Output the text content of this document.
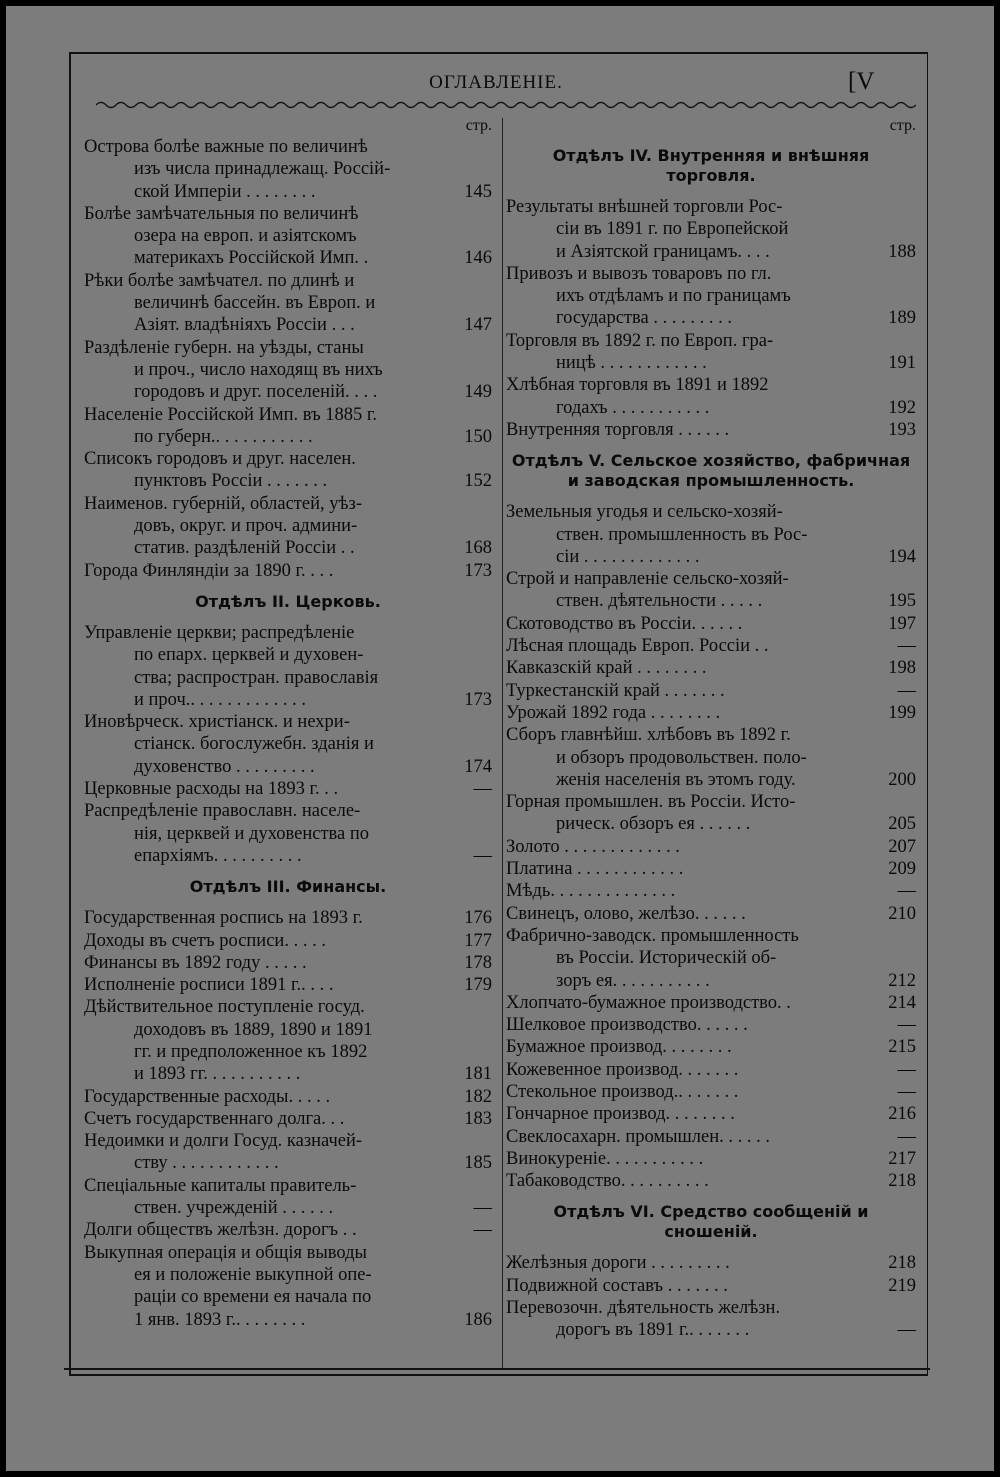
ОГЛАВЛЕНІЕ.	[V
стр.
Острова болѣе важные по величинѣ
изъ числа принадлежащ. Россій-
ской Имперіи . . . . . . . .	145
Болѣе замѣчательныя по величинѣ
озера на европ. и азіятскомъ
материкахъ Россійской Имп. .	146
Рѣки болѣе замѣчател. по длинѣ и
величинѣ бассейн. въ Европ. и
Азіят. владѣніяхъ Россіи . . .	147
Раздѣленіе губерн. на уѣзды, станы
и проч., число находящ въ нихъ
городовъ и друг. поселеній. . . .	149
Населеніе Россійской Имп. въ 1885 г.
по губерн.. . . . . . . . . . .	150
Списокъ городовъ и друг. населен.
пунктовъ Россіи . . . . . . .	152
Наименов. губерній, областей, уѣз-
довъ, округ. и проч. админи-
статив. раздѣленій Россіи . .	168
Города Финляндіи за 1890 г. . . .	173
Отдѣлъ II. Церковь.
Управленіе церкви; распредѣленіе
по епарх. церквей и духовен-
ства; распростран. православія
и проч.. . . . . . . . . . . . .	173
Иновѣрческ. христіанск. и нехри-
стіанск. богослужебн. зданія и
духовенство . . . . . . . . .	174
Церковные расходы на 1893 г. . .	—
Распредѣленіе православн. населе-
нія, церквей и духовенства по
епархіямъ. . . . . . . . . .	—
Отдѣлъ III. Финансы.
Государственная роспись на 1893 г.	176
Доходы въ счетъ росписи. . . . .	177
Финансы въ 1892 году . . . . .	178
Исполненіе росписи 1891 г.. . . .	179
Дѣйствительное поступленіе госуд.
доходовъ въ 1889, 1890 и 1891
гг. и предположенное къ 1892
и 1893 гг. . . . . . . . . . .	181
Государственные расходы. . . . .	182
Счетъ государственнаго долга. . .	183
Недоимки и долги Госуд. казначей-
ству . . . . . . . . . . . .	185
Спеціальные капиталы правитель-
ствен. учрежденій . . . . . .	—
Долги обществъ желѣзн. дорогъ . .	—
Выкупная операція и общія выводы
ея и положеніе выкупной опе-
раціи со времени ея начала по
1 янв. 1893 г.. . . . . . . .	186
стр.
Отдѣлъ IV. Внутренняя и внѣшняя торговля.
Результаты внѣшней торговли Рос-
сіи въ 1891 г. по Европейской
и Азіятской границамъ. . . .	188
Привозъ и вывозъ товаровъ по гл.
ихъ отдѣламъ и по границамъ
государства . . . . . . . . .	189
Торговля въ 1892 г. по Европ. гра-
ницѣ . . . . . . . . . . . .	191
Хлѣбная торговля въ 1891 и 1892
годахъ . . . . . . . . . . .	192
Внутренняя торговля . . . . . .	193
Отдѣлъ V. Сельское хозяйство, фабричная и заводская промышленность.
Земельныя угодья и сельско-хозяй-
ствен. промышленность въ Рос-
сіи . . . . . . . . . . . . .	194
Строй и направленіе сельско-хозяй-
ствен. дѣятельности . . . . .	195
Скотоводство въ Россіи. . . . . .	197
Лѣсная площадь Европ. Россіи . .	—
Кавказскій край . . . . . . . .	198
Туркестанскій край . . . . . . .	—
Урожай 1892 года . . . . . . . .	199
Сборъ главнѣйш. хлѣбовъ въ 1892 г.
и обзоръ продовольствен. поло-
женія населенія въ этомъ году.	200
Горная промышлен. въ Россіи. Исто-
рическ. обзоръ ея . . . . . .	205
Золото . . . . . . . . . . . . .	207
Платина . . . . . . . . . . . .	209
Мѣдь. . . . . . . . . . . . . .	—
Свинецъ, олово, желѣзо. . . . . .	210
Фабрично-заводск. промышленность
въ Россіи. Историческій об-
зоръ ея. . . . . . . . . . .	212
Хлопчато-бумажное производство. .	214
Шелковое производство. . . . . .	—
Бумажное производ. . . . . . . .	215
Кожевенное производ. . . . . . .	—
Стекольное производ.. . . . . . .	—
Гончарное производ. . . . . . . .	216
Свеклосахарн. промышлен. . . . . .	—
Винокуреніе. . . . . . . . . . .	217
Табаководство. . . . . . . . . .	218
Отдѣлъ VI. Средство сообщеній и сношеній.
Желѣзныя дороги . . . . . . . . .	218
Подвижной составъ . . . . . . .	219
Перевозочн. дѣятельность желѣзн.
дорогъ въ 1891 г.. . . . . . .	—
